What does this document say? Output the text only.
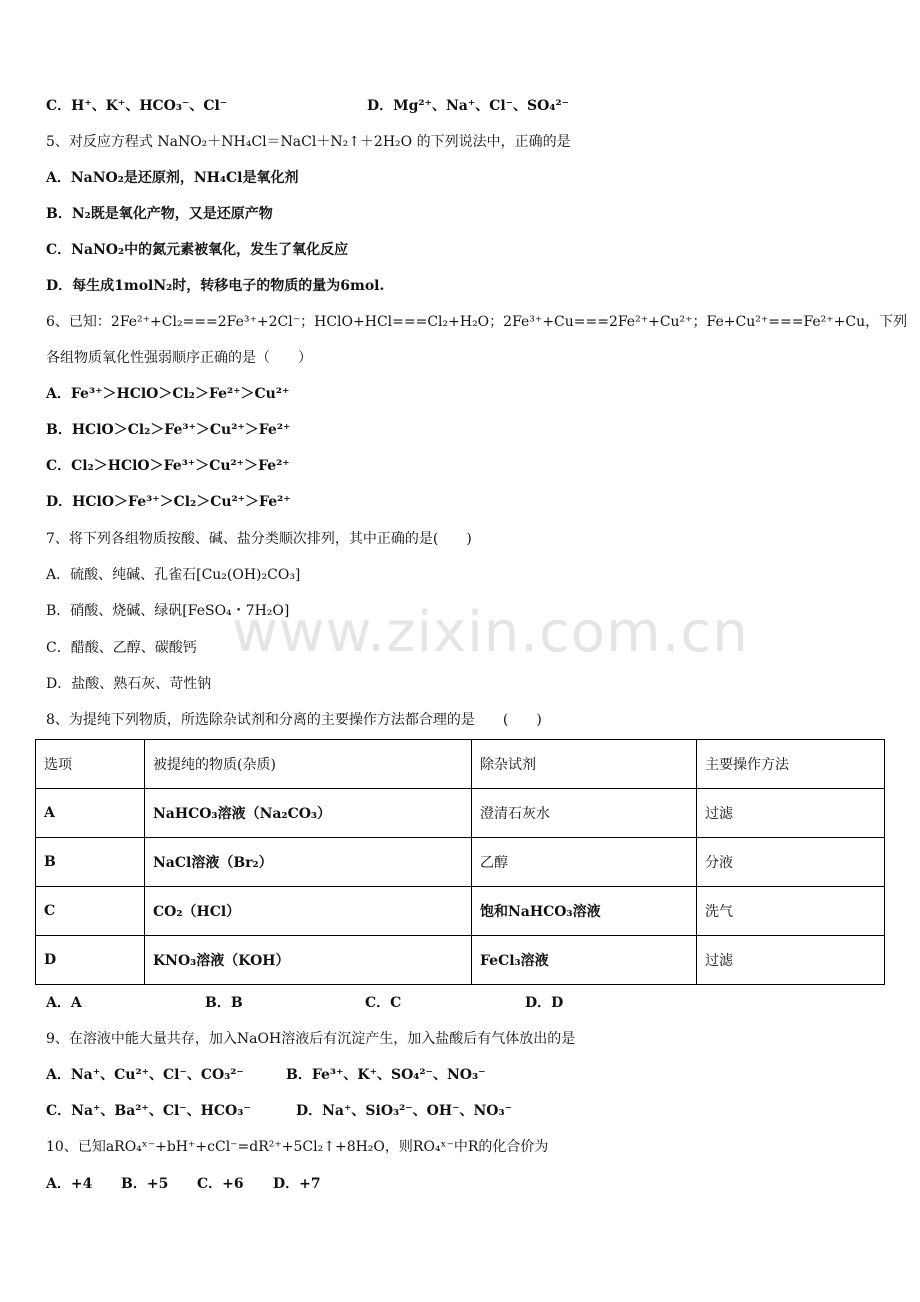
www.zixin.com.cn
C．H⁺、K⁺、HCO₃⁻、Cl⁻	D．Mg²⁺、Na⁺、Cl⁻、SO₄²⁻
5、对反应方程式 NaNO₂＋NH₄Cl＝NaCl＋N₂↑＋2H₂O 的下列说法中，正确的是
A．NaNO₂是还原剂，NH₄Cl是氧化剂
B．N₂既是氧化产物，又是还原产物
C．NaNO₂中的氮元素被氧化，发生了氧化反应
D．每生成1molN₂时，转移电子的物质的量为6mol.
6、已知：2Fe²⁺+Cl₂===2Fe³⁺+2Cl⁻；HClO+HCl===Cl₂+H₂O；2Fe³⁺+Cu===2Fe²⁺+Cu²⁺；Fe+Cu²⁺===Fe²⁺+Cu，下列
各组物质氧化性强弱顺序正确的是（　　）
A．Fe³⁺＞HClO＞Cl₂＞Fe²⁺＞Cu²⁺
B．HClO＞Cl₂＞Fe³⁺＞Cu²⁺＞Fe²⁺
C．Cl₂＞HClO＞Fe³⁺＞Cu²⁺＞Fe²⁺
D．HClO＞Fe³⁺＞Cl₂＞Cu²⁺＞Fe²⁺
7、将下列各组物质按酸、碱、盐分类顺次排列，其中正确的是(　　)
A．硫酸、纯碱、孔雀石[Cu₂(OH)₂CO₃]
B．硝酸、烧碱、绿矾[FeSO₄・7H₂O]
C．醋酸、乙醇、碳酸钙
D．盐酸、熟石灰、苛性钠
8、为提纯下列物质，所选除杂试剂和分离的主要操作方法都合理的是　　(　　)
选项	被提纯的物质(杂质)	除杂试剂	主要操作方法
A	NaHCO₃溶液（Na₂CO₃）	澄清石灰水	过滤
B	NaCl溶液（Br₂）	乙醇	分液
C	CO₂（HCl）	饱和NaHCO₃溶液	洗气
D	KNO₃溶液（KOH）	FeCl₃溶液	过滤
A．A	B．B	C．C	D．D
9、在溶液中能大量共存，加入NaOH溶液后有沉淀产生，加入盐酸后有气体放出的是
A．Na⁺、Cu²⁺、Cl⁻、CO₃²⁻	B．Fe³⁺、K⁺、SO₄²⁻、NO₃⁻
C．Na⁺、Ba²⁺、Cl⁻、HCO₃⁻	D．Na⁺、SiO₃²⁻、OH⁻、NO₃⁻
10、已知aRO₄ˣ⁻+bH⁺+cCl⁻=dR²⁺+5Cl₂↑+8H₂O，则RO₄ˣ⁻中R的化合价为
A．+4 B．+5 C．+6 D．+7
